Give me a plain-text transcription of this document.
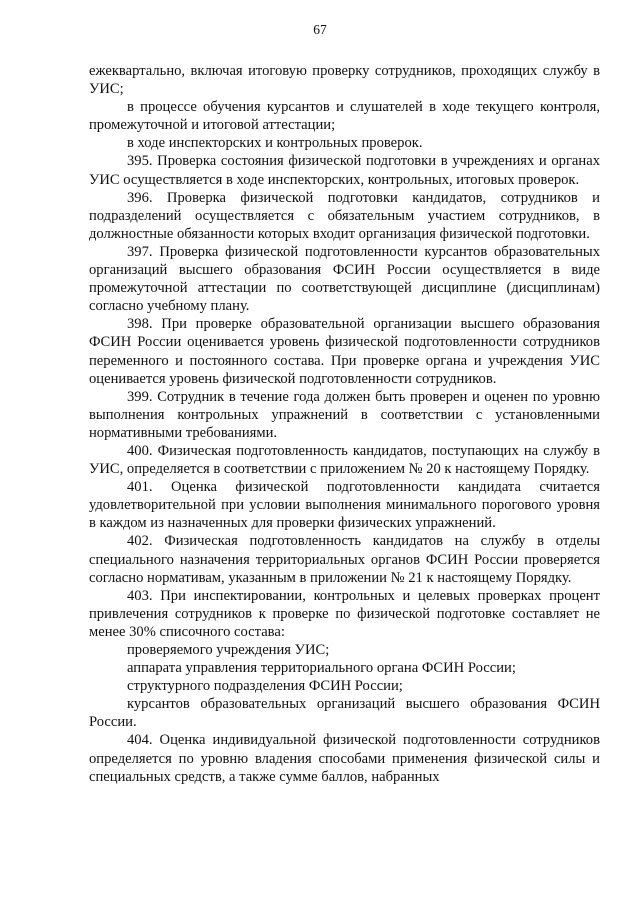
67

ежеквартально, включая итоговую проверку сотрудников, проходящих службу в УИС;

в процессе обучения курсантов и слушателей в ходе текущего контроля, промежуточной и итоговой аттестации;

в ходе инспекторских и контрольных проверок.

395. Проверка состояния физической подготовки в учреждениях и органах УИС осуществляется в ходе инспекторских, контрольных, итоговых проверок.

396. Проверка физической подготовки кандидатов, сотрудников и подразделений осуществляется с обязательным участием сотрудников, в должностные обязанности которых входит организация физической подготовки.

397. Проверка физической подготовленности курсантов образовательных организаций высшего образования ФСИН России осуществляется в виде промежуточной аттестации по соответствующей дисциплине (дисциплинам) согласно учебному плану.

398. При проверке образовательной организации высшего образования ФСИН России оценивается уровень физической подготовленности сотрудников переменного и постоянного состава. При проверке органа и учреждения УИС оценивается уровень физической подготовленности сотрудников.

399. Сотрудник в течение года должен быть проверен и оценен по уровню выполнения контрольных упражнений в соответствии с установленными нормативными требованиями.

400. Физическая подготовленность кандидатов, поступающих на службу в УИС, определяется в соответствии с приложением № 20 к настоящему Порядку.

401. Оценка физической подготовленности кандидата считается удовлетворительной при условии выполнения минимального порогового уровня в каждом из назначенных для проверки физических упражнений.

402. Физическая подготовленность кандидатов на службу в отделы специального назначения территориальных органов ФСИН России проверяется согласно нормативам, указанным в приложении № 21 к настоящему Порядку.

403. При инспектировании, контрольных и целевых проверках процент привлечения сотрудников к проверке по физической подготовке составляет не менее 30% списочного состава:

проверяемого учреждения УИС;

аппарата управления территориального органа ФСИН России;

структурного подразделения ФСИН России;

курсантов образовательных организаций высшего образования ФСИН России.

404. Оценка индивидуальной физической подготовленности сотрудников определяется по уровню владения способами применения физической силы и специальных средств, а также сумме баллов, набранных
